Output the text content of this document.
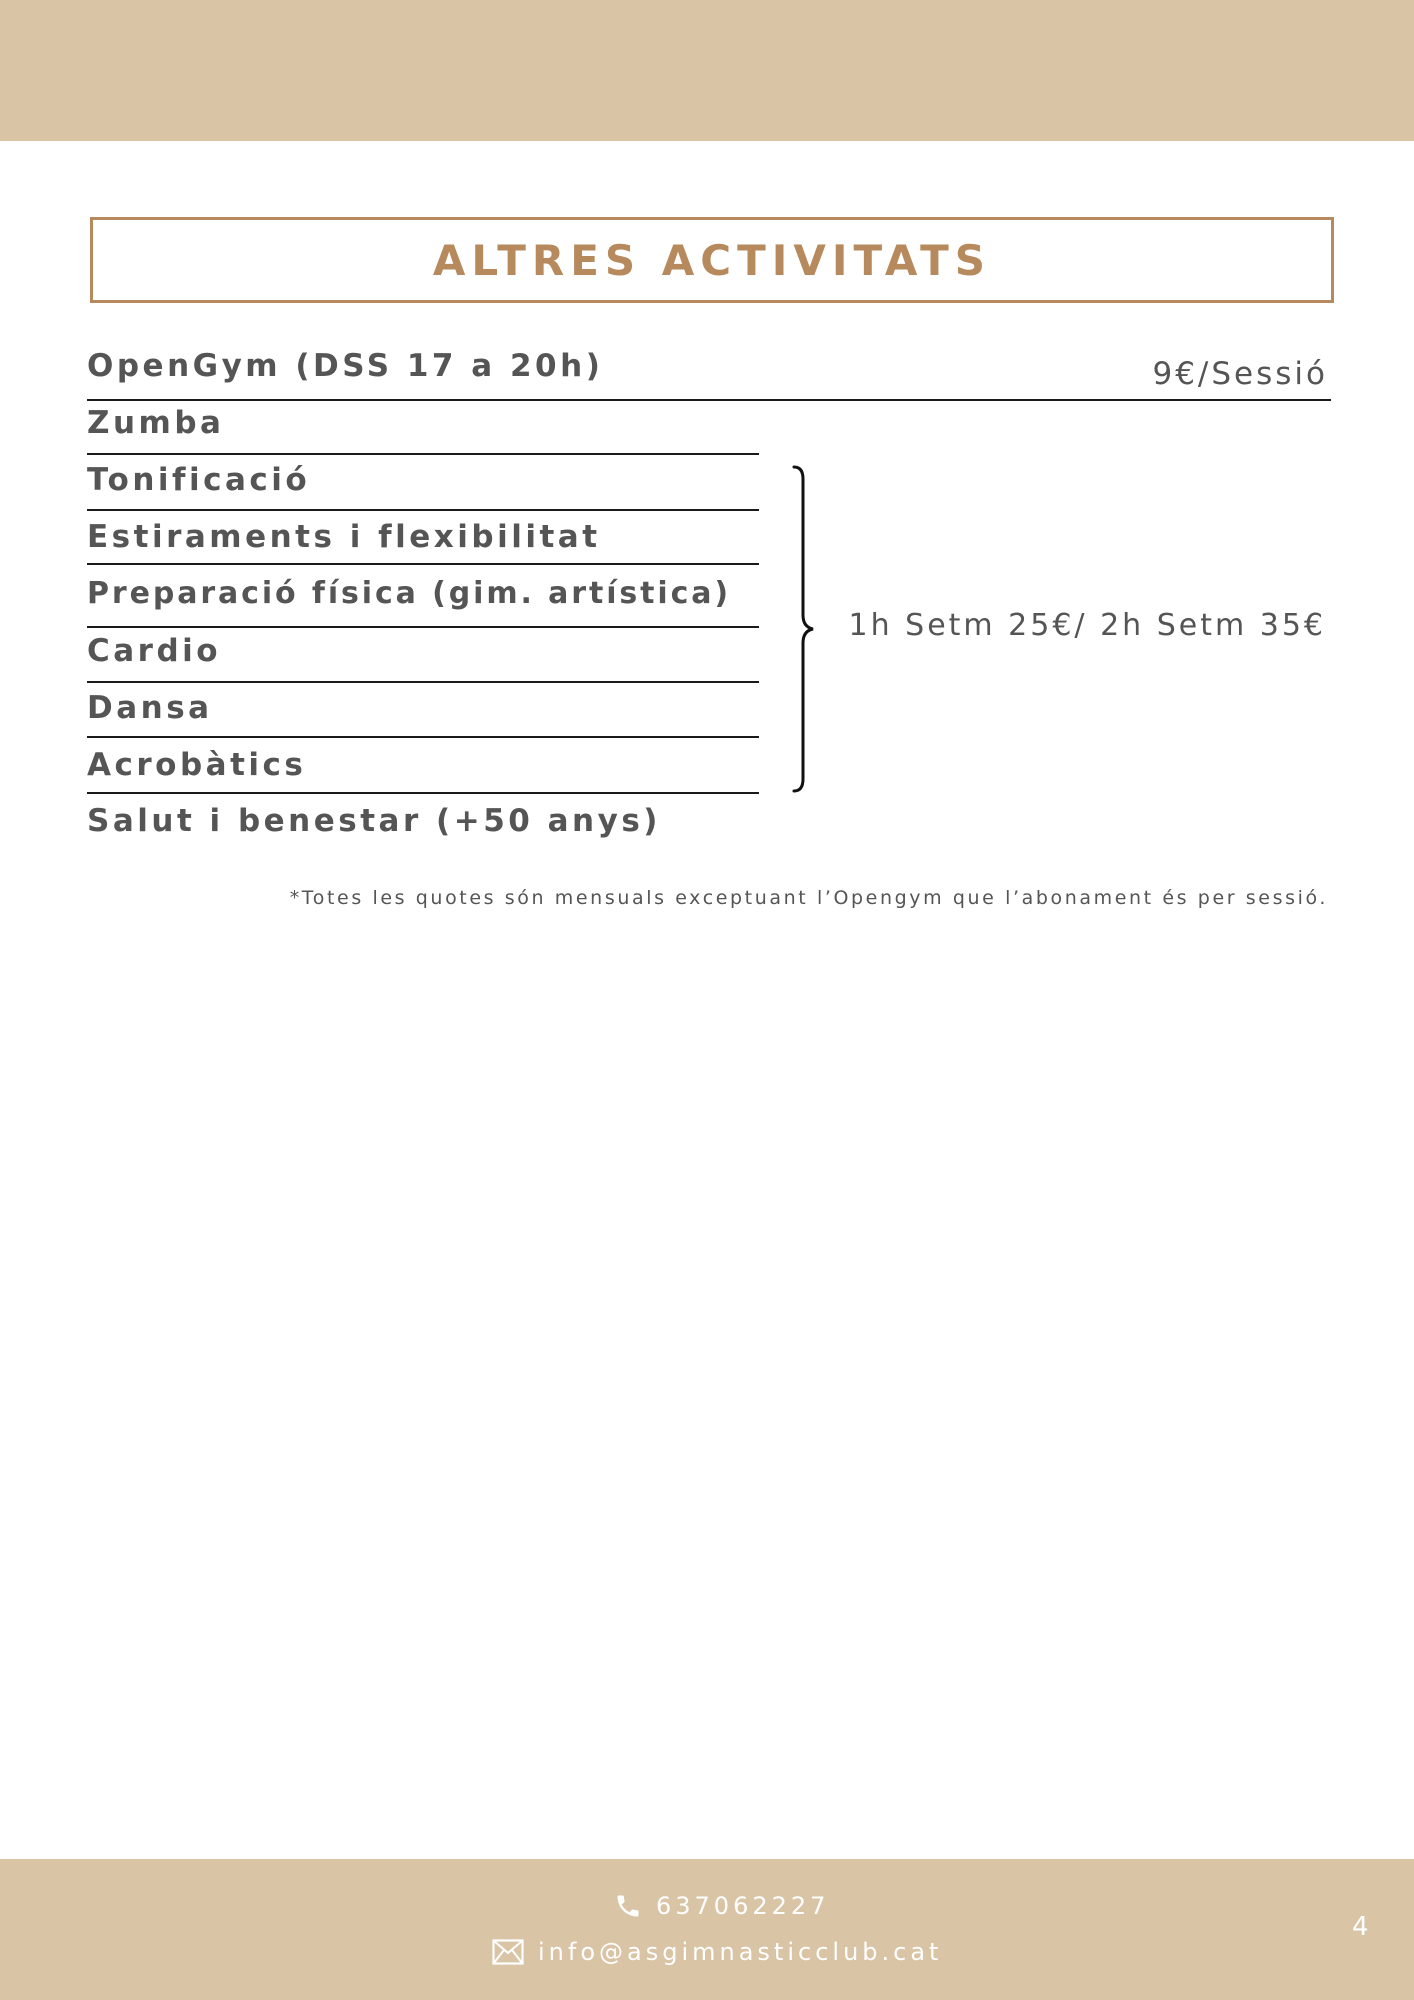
ALTRES ACTIVITATS
OpenGym (DSS 17 a 20h)	9€/Sessió
Zumba
Tonificació
Estiraments i flexibilitat
Preparació física (gim. artística)
Cardio
Dansa
Acrobàtics
Salut i benestar (+50 anys)
1h Setm 25€/ 2h Setm 35€
*Totes les quotes són mensuals exceptuant l’Opengym que l’abonament és per sessió.
637062227
info@asgimnasticclub.cat
4
